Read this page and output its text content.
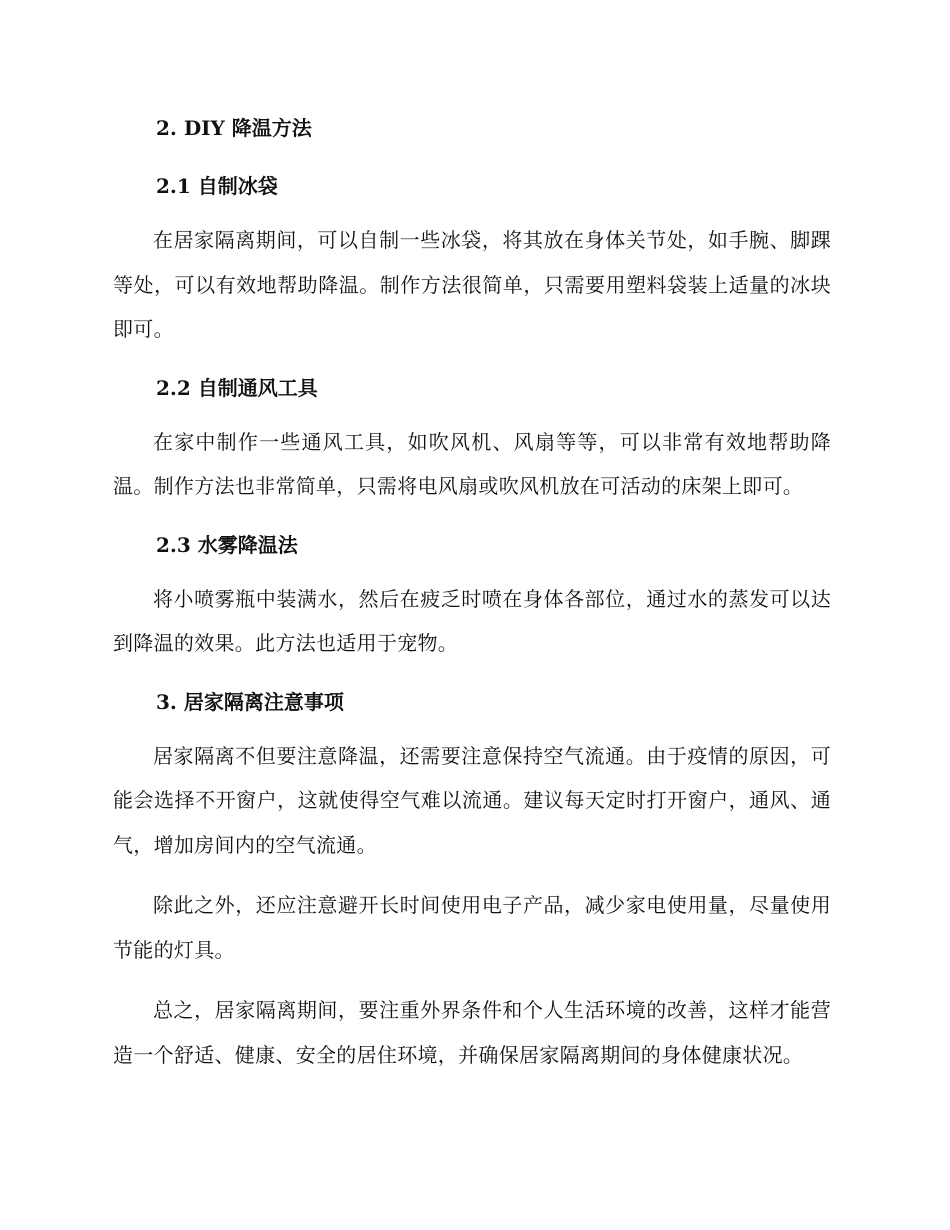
2. DIY 降温方法
2.1 自制冰袋

在居家隔离期间，可以自制一些冰袋，将其放在身体关节处，如手腕、脚踝等处，可以有效地帮助降温。制作方法很简单，只需要用塑料袋装上适量的冰块即可。

2.2 自制通风工具

在家中制作一些通风工具，如吹风机、风扇等等，可以非常有效地帮助降温。制作方法也非常简单，只需将电风扇或吹风机放在可活动的床架上即可。

2.3 水雾降温法

将小喷雾瓶中装满水，然后在疲乏时喷在身体各部位，通过水的蒸发可以达到降温的效果。此方法也适用于宠物。

3. 居家隔离注意事项

居家隔离不但要注意降温，还需要注意保持空气流通。由于疫情的原因，可能会选择不开窗户，这就使得空气难以流通。建议每天定时打开窗户，通风、通气，增加房间内的空气流通。

除此之外，还应注意避开长时间使用电子产品，减少家电使用量，尽量使用节能的灯具。

总之，居家隔离期间，要注重外界条件和个人生活环境的改善，这样才能营造一个舒适、健康、安全的居住环境，并确保居家隔离期间的身体健康状况。
